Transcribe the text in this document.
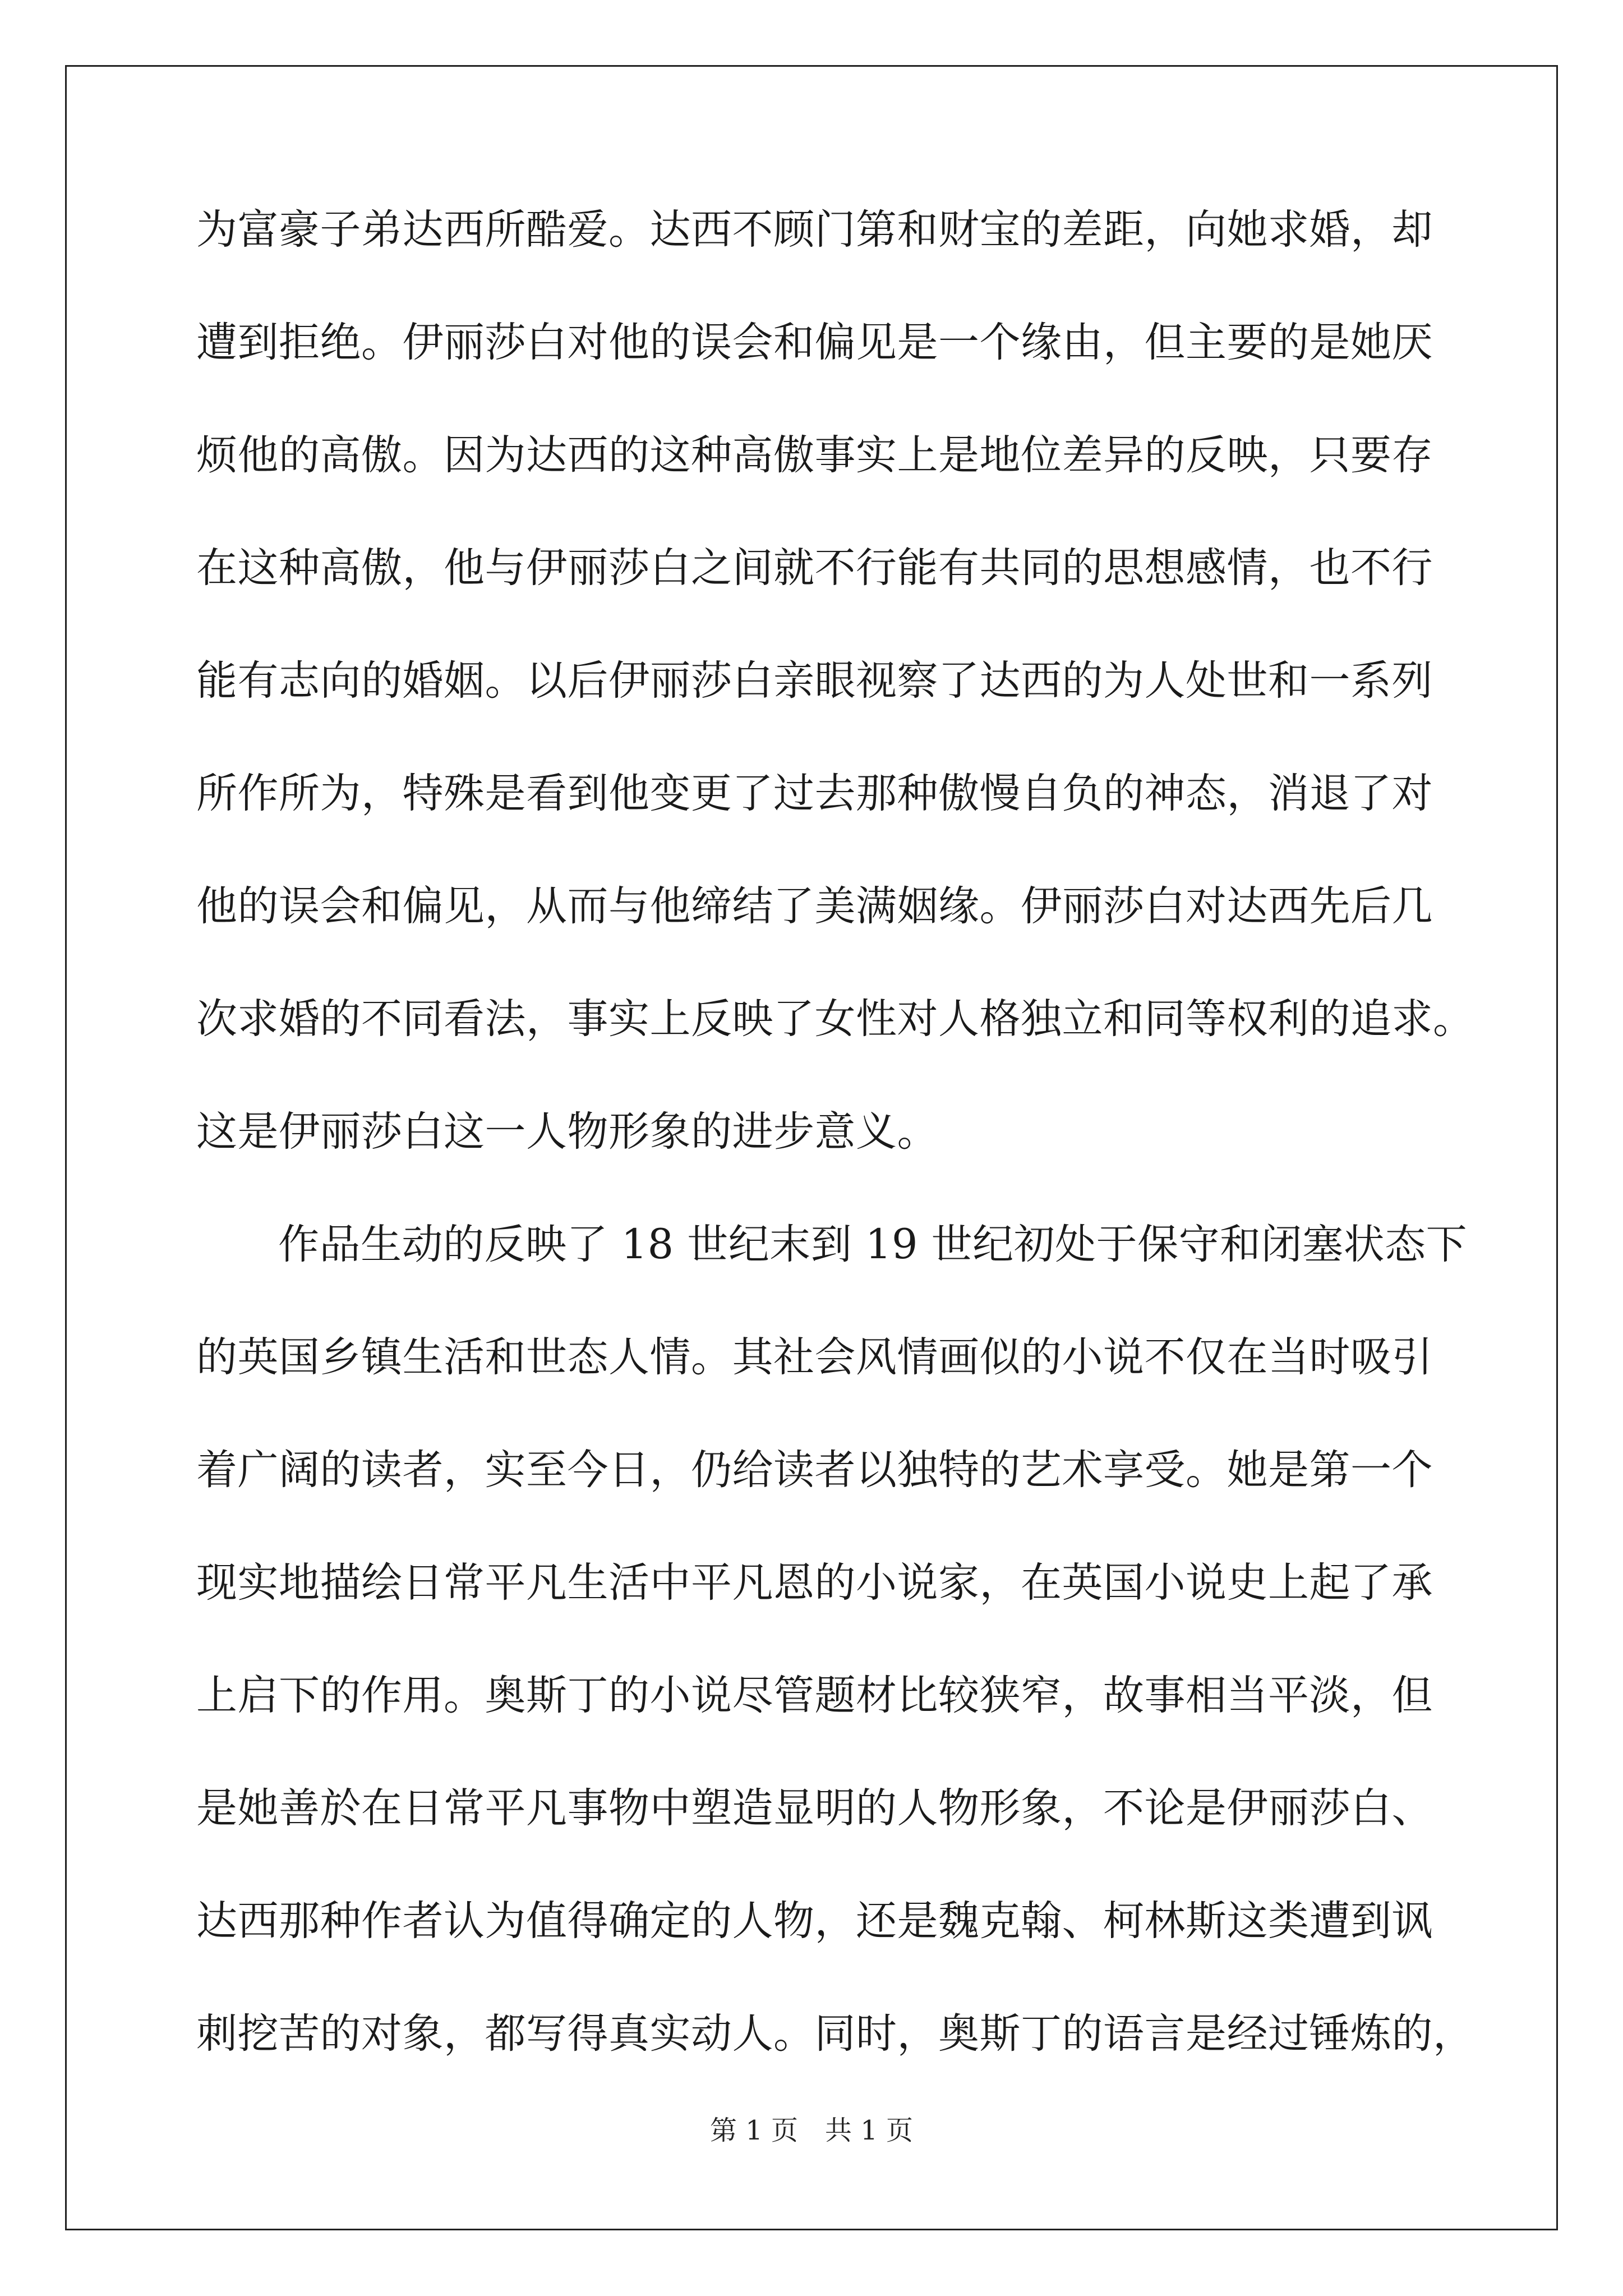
为富豪子弟达西所酷爱。达西不顾门第和财宝的差距，向她求婚，却
遭到拒绝。伊丽莎白对他的误会和偏见是一个缘由，但主要的是她厌
烦他的高傲。因为达西的这种高傲事实上是地位差异的反映，只要存
在这种高傲，他与伊丽莎白之间就不行能有共同的思想感情，也不行
能有志向的婚姻。以后伊丽莎白亲眼视察了达西的为人处世和一系列
所作所为，特殊是看到他变更了过去那种傲慢自负的神态，消退了对
他的误会和偏见，从而与他缔结了美满姻缘。伊丽莎白对达西先后几
次求婚的不同看法，事实上反映了女性对人格独立和同等权利的追求。
这是伊丽莎白这一人物形象的进步意义。
作品生动的反映了 18 世纪末到 19 世纪初处于保守和闭塞状态下
的英国乡镇生活和世态人情。其社会风情画似的小说不仅在当时吸引
着广阔的读者，实至今日，仍给读者以独特的艺术享受。她是第一个
现实地描绘日常平凡生活中平凡恩的小说家，在英国小说史上起了承
上启下的作用。奥斯丁的小说尽管题材比较狭窄，故事相当平淡，但
是她善於在日常平凡事物中塑造显明的人物形象，不论是伊丽莎白、
达西那种作者认为值得确定的人物，还是魏克翰、柯林斯这类遭到讽
刺挖苦的对象，都写得真实动人。同时，奥斯丁的语言是经过锤炼的，
第 1 页　共 1 页
